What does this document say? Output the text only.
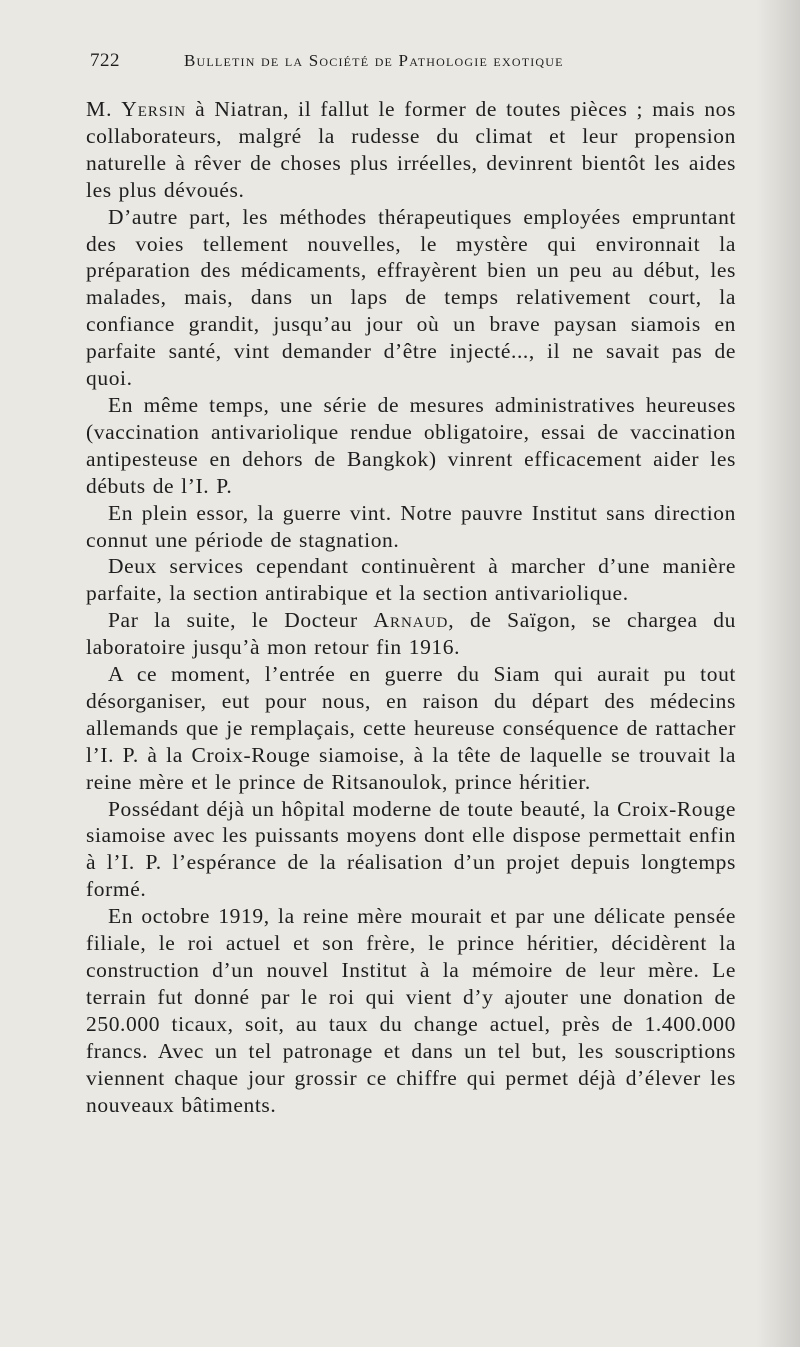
722	Bulletin de la Société de Pathologie exotique

M. Yersin à Niatran, il fallut le former de toutes pièces ; mais nos collaborateurs, malgré la rudesse du climat et leur propension naturelle à rêver de choses plus irréelles, devinrent bientôt les aides les plus dévoués.

D’autre part, les méthodes thérapeutiques employées empruntant des voies tellement nouvelles, le mystère qui environnait la préparation des médicaments, effrayèrent bien un peu au début, les malades, mais, dans un laps de temps relativement court, la confiance grandit, jusqu’au jour où un brave paysan siamois en parfaite santé, vint demander d’être injecté..., il ne savait pas de quoi.

En même temps, une série de mesures administratives heureuses (vaccination antivariolique rendue obligatoire, essai de vaccination antipesteuse en dehors de Bangkok) vinrent efficacement aider les débuts de l’I. P.

En plein essor, la guerre vint. Notre pauvre Institut sans direction connut une période de stagnation.

Deux services cependant continuèrent à marcher d’une manière parfaite, la section antirabique et la section antivariolique.

Par la suite, le Docteur Arnaud, de Saïgon, se chargea du laboratoire jusqu’à mon retour fin 1916.

A ce moment, l’entrée en guerre du Siam qui aurait pu tout désorganiser, eut pour nous, en raison du départ des médecins allemands que je remplaçais, cette heureuse conséquence de rattacher l’I. P. à la Croix-Rouge siamoise, à la tête de laquelle se trouvait la reine mère et le prince de Ritsanoulok, prince héritier.

Possédant déjà un hôpital moderne de toute beauté, la Croix-Rouge siamoise avec les puissants moyens dont elle dispose permettait enfin à l’I. P. l’espérance de la réalisation d’un projet depuis longtemps formé.

En octobre 1919, la reine mère mourait et par une délicate pensée filiale, le roi actuel et son frère, le prince héritier, décidèrent la construction d’un nouvel Institut à la mémoire de leur mère. Le terrain fut donné par le roi qui vient d’y ajouter une donation de 250.000 ticaux, soit, au taux du change actuel, près de 1.400.000 francs. Avec un tel patronage et dans un tel but, les souscriptions viennent chaque jour grossir ce chiffre qui permet déjà d’élever les nouveaux bâtiments.
